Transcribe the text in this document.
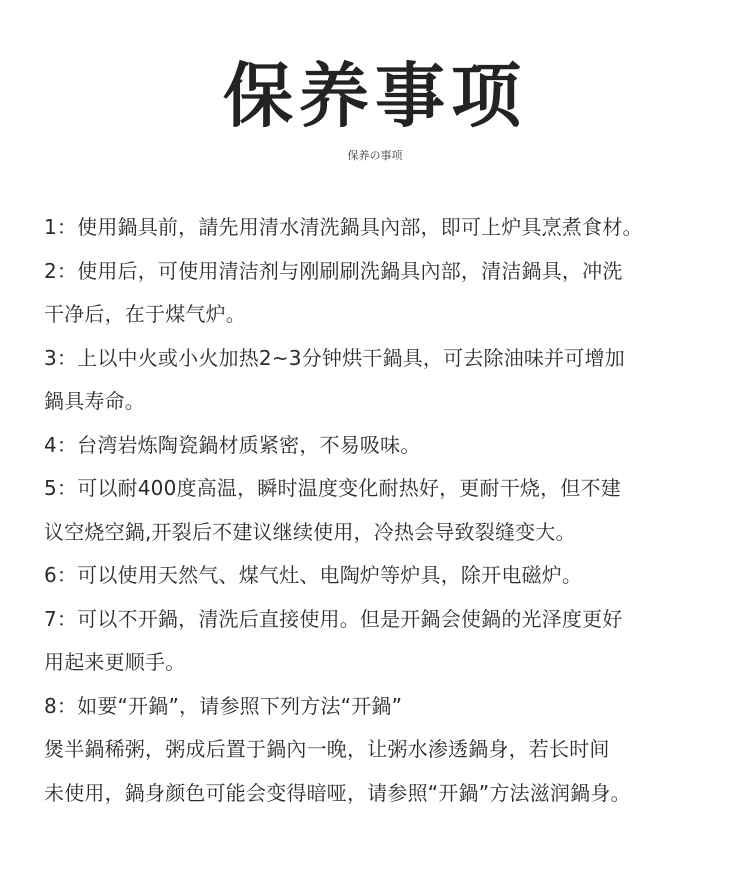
保养事项
保养の事项
1：使用鍋具前，請先用清水清洗鍋具內部，即可上炉具烹煮食材。
2：使用后，可使用清洁剂与刚刷刷洗鍋具內部，清洁鍋具，冲洗
干净后，在于煤气炉。
3：上以中火或小火加热2~3分钟烘干鍋具，可去除油味并可增加
鍋具寿命。
4：台湾岩炼陶瓷鍋材质紧密，不易吸味。
5：可以耐400度高温，瞬时温度变化耐热好，更耐干烧，但不建
议空烧空鍋,开裂后不建议继续使用，冷热会导致裂缝变大。
6：可以使用天然气、煤气灶、电陶炉等炉具，除开电磁炉。
7：可以不开鍋，清洗后直接使用。但是开鍋会使鍋的光泽度更好
用起来更顺手。
8：如要“开鍋”，请参照下列方法“开鍋”
煲半鍋稀粥，粥成后置于鍋內一晚，让粥水渗透鍋身，若长时间
未使用，鍋身颜色可能会变得暗哑，请参照“开鍋”方法滋润鍋身。
